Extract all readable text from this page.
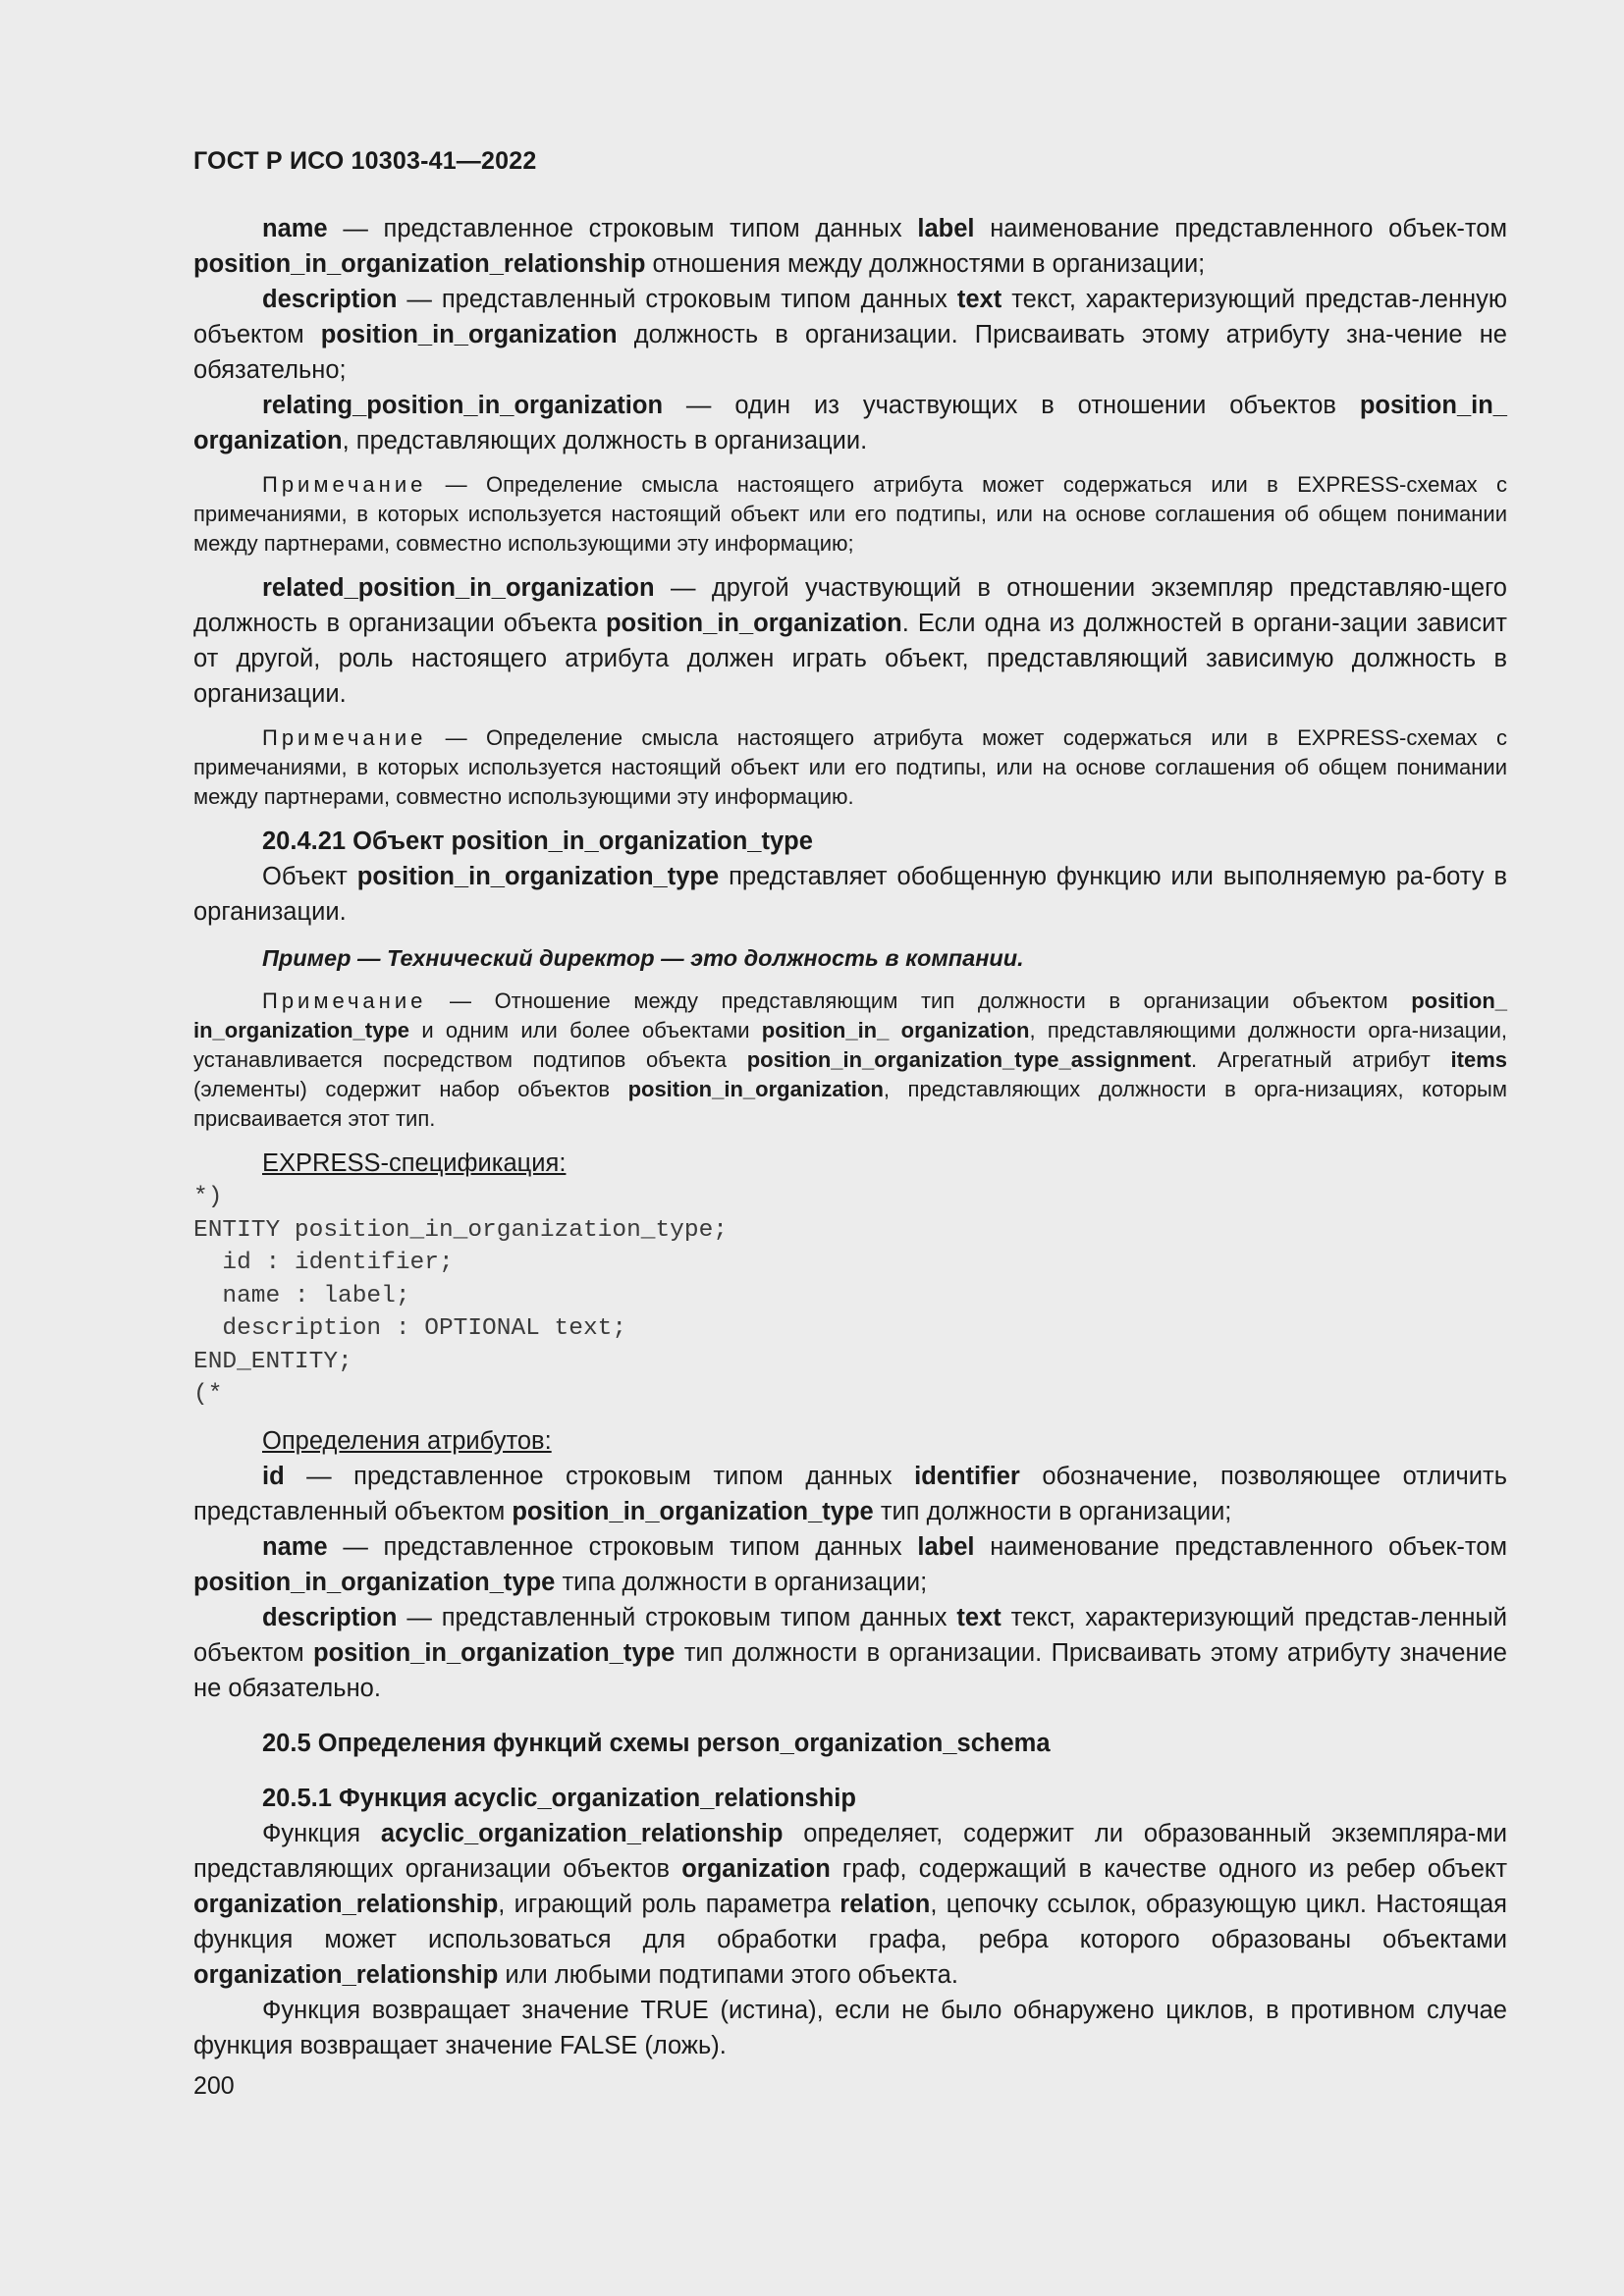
ГОСТ Р ИСО 10303-41—2022

name — представленное строковым типом данных label наименование представленного объек-том position_in_organization_relationship отношения между должностями в организации;

description — представленный строковым типом данных text текст, характеризующий представ-ленную объектом position_in_organization должность в организации. Присваивать этому атрибуту зна-чение не обязательно;

relating_position_in_organization — один из участвующих в отношении объектов position_in_ organization, представляющих должность в организации.

Примечание — Определение смысла настоящего атрибута может содержаться или в EXPRESS-схемах с примечаниями, в которых используется настоящий объект или его подтипы, или на основе соглашения об общем понимании между партнерами, совместно использующими эту информацию;

related_position_in_organization — другой участвующий в отношении экземпляр представляю-щего должность в организации объекта position_in_organization. Если одна из должностей в органи-зации зависит от другой, роль настоящего атрибута должен играть объект, представляющий зависимую должность в организации.

Примечание — Определение смысла настоящего атрибута может содержаться или в EXPRESS-схемах с примечаниями, в которых используется настоящий объект или его подтипы, или на основе соглашения об общем понимании между партнерами, совместно использующими эту информацию.

20.4.21 Объект position_in_organization_type

Объект position_in_organization_type представляет обобщенную функцию или выполняемую ра-боту в организации.

Пример — Технический директор — это должность в компании.

Примечание — Отношение между представляющим тип должности в организации объектом position_ in_organization_type и одним или более объектами position_in_ organization, представляющими должности орга-низации, устанавливается посредством подтипов объекта position_in_organization_type_assignment. Агрегатный атрибут items (элементы) содержит набор объектов position_in_organization, представляющих должности в орга-низациях, которым присваивается этот тип.

EXPRESS-спецификация:

*)
ENTITY position_in_organization_type;
id : identifier;
name : label;
description : OPTIONAL text;
END_ENTITY;
(*

Определения атрибутов:

id — представленное строковым типом данных identifier обозначение, позволяющее отличить представленный объектом position_in_organization_type тип должности в организации;

name — представленное строковым типом данных label наименование представленного объек-том position_in_organization_type типа должности в организации;

description — представленный строковым типом данных text текст, характеризующий представ-ленный объектом position_in_organization_type тип должности в организации. Присваивать этому атрибуту значение не обязательно.

20.5 Определения функций схемы person_organization_schema

20.5.1 Функция acyclic_organization_relationship

Функция acyclic_organization_relationship определяет, содержит ли образованный экземпляра-ми представляющих организации объектов organization граф, содержащий в качестве одного из ребер объект organization_relationship, играющий роль параметра relation, цепочку ссылок, образующую цикл. Настоящая функция может использоваться для обработки графа, ребра которого образованы объектами organization_relationship или любыми подтипами этого объекта.

Функция возвращает значение TRUE (истина), если не было обнаружено циклов, в противном случае функция возвращает значение FALSE (ложь).

200
